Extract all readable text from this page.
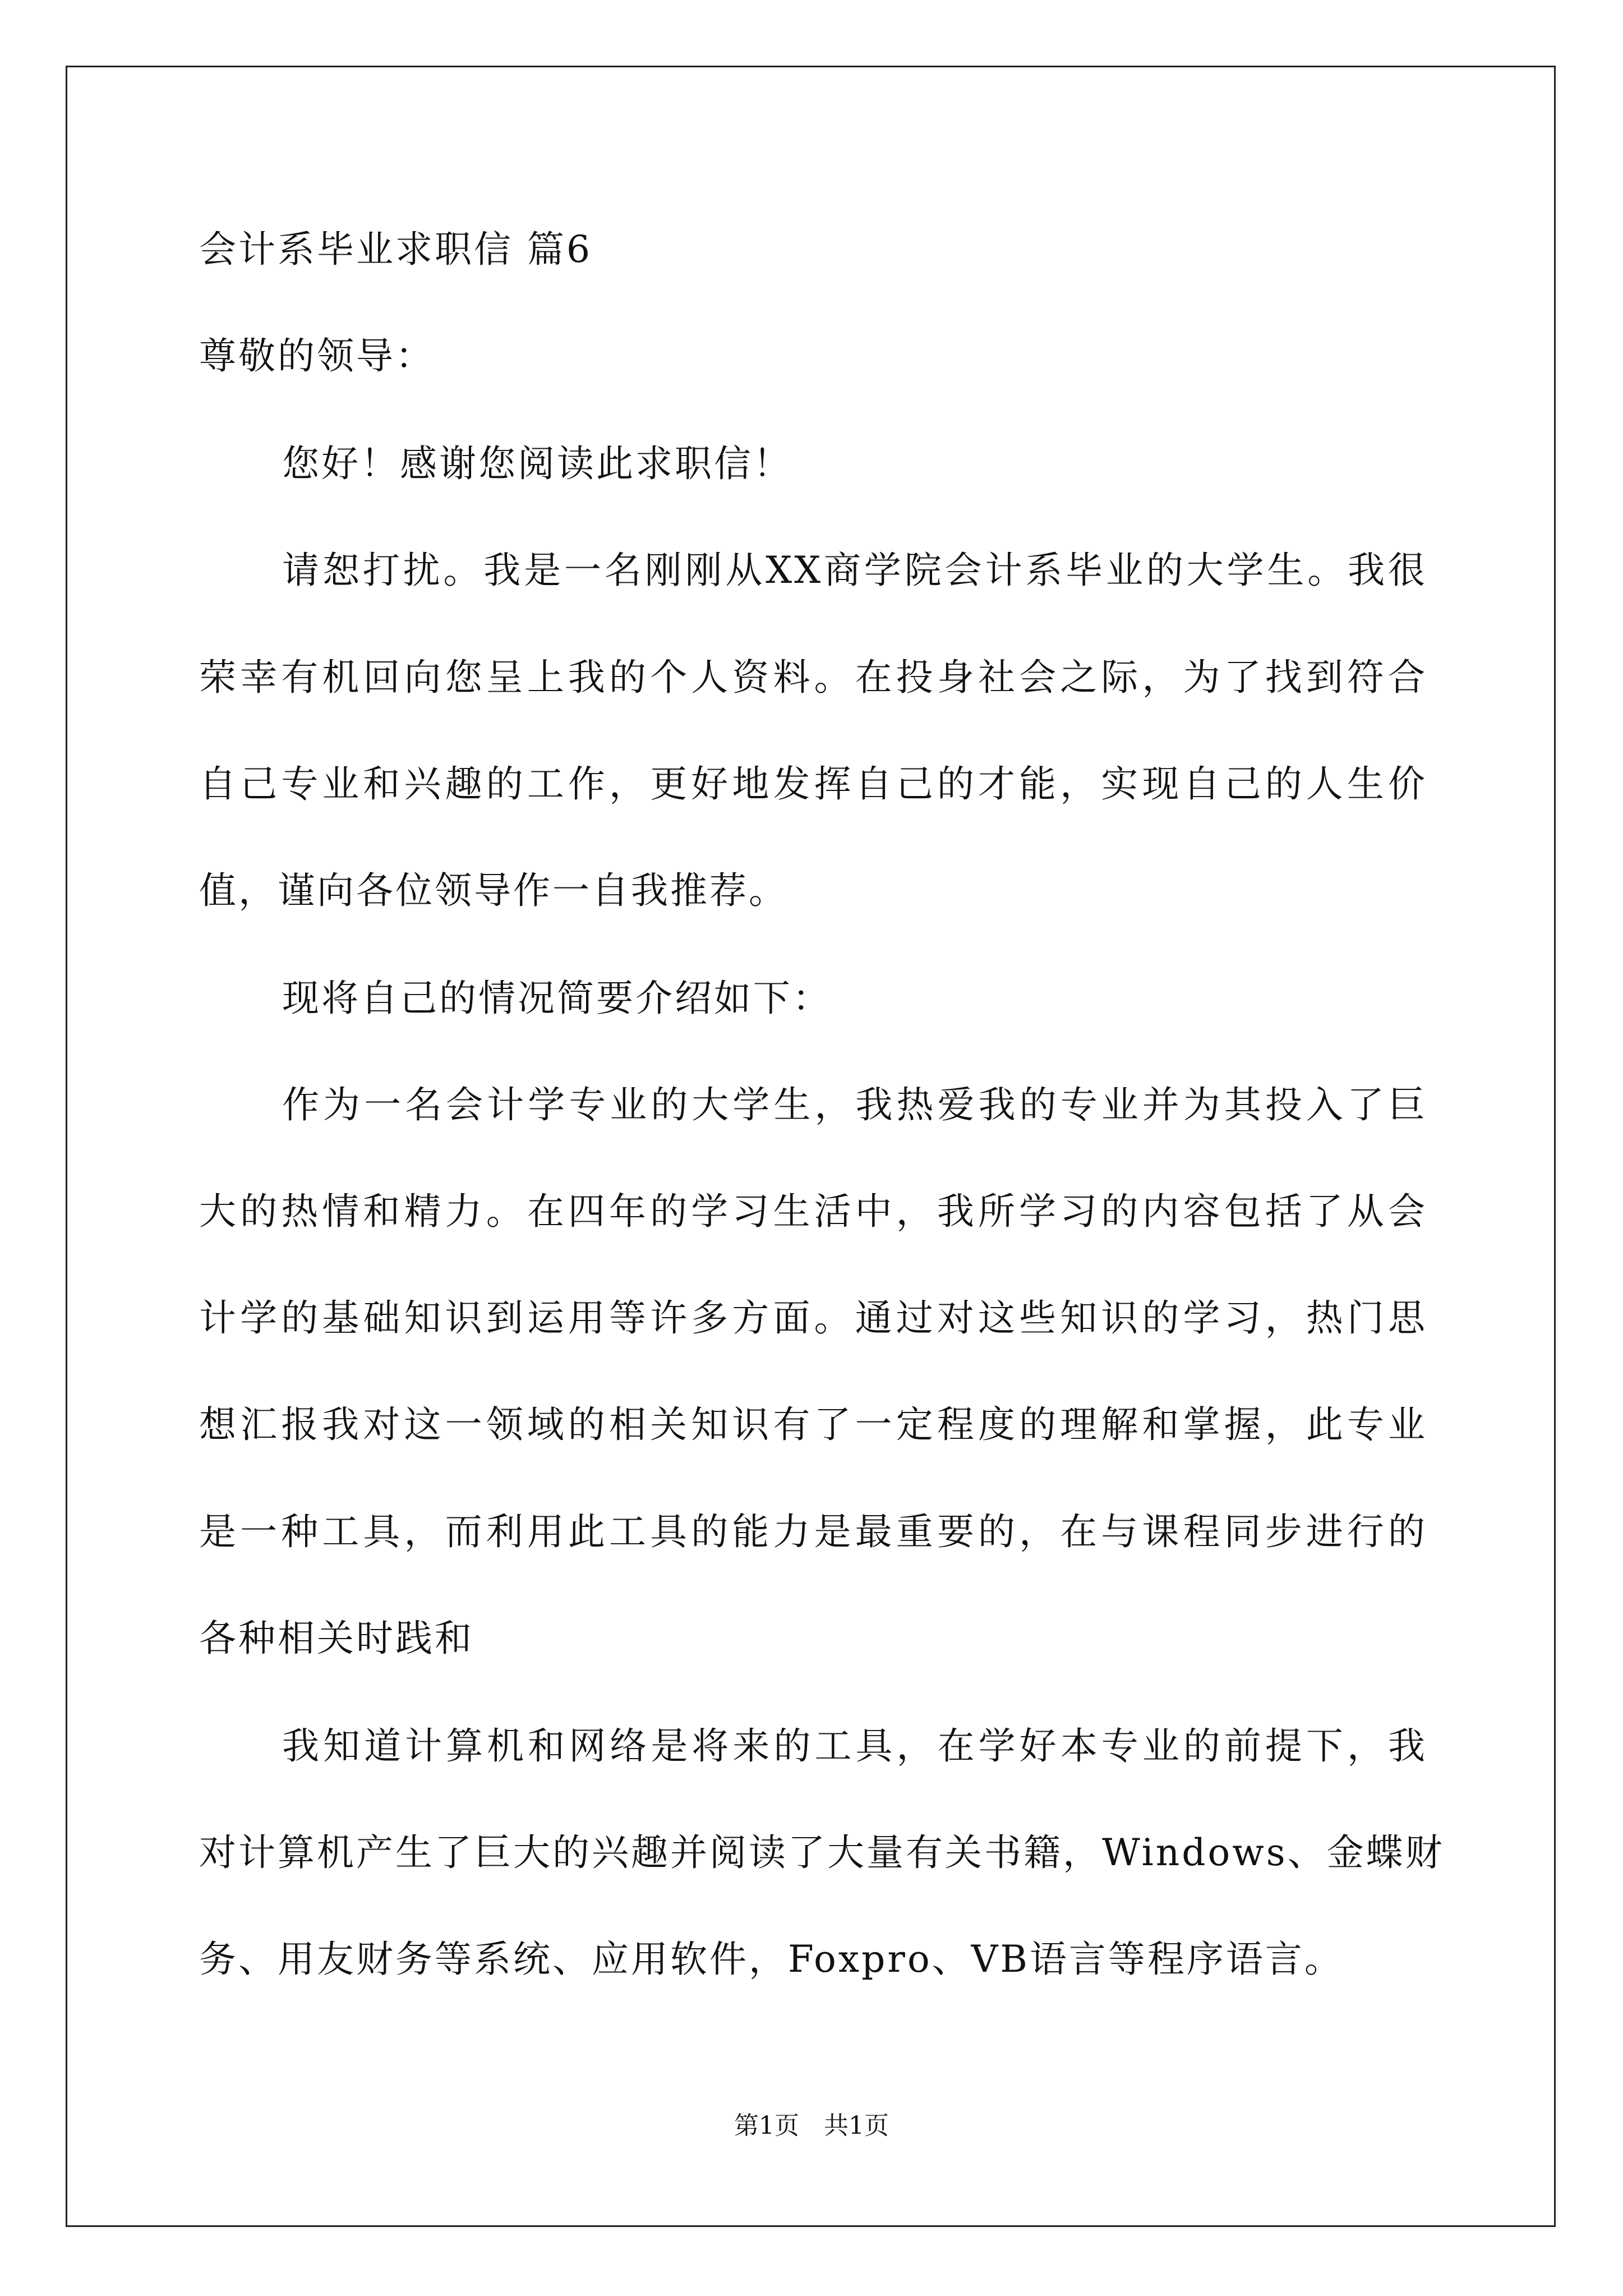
会计系毕业求职信 篇6
尊敬的领导：
您好！感谢您阅读此求职信！
请恕打扰。我是一名刚刚从XX商学院会计系毕业的大学生。我很
荣幸有机回向您呈上我的个人资料。在投身社会之际，为了找到符合
自己专业和兴趣的工作，更好地发挥自己的才能，实现自己的人生价
值，谨向各位领导作一自我推荐。
现将自己的情况简要介绍如下：
作为一名会计学专业的大学生，我热爱我的专业并为其投入了巨
大的热情和精力。在四年的学习生活中，我所学习的内容包括了从会
计学的基础知识到运用等许多方面。通过对这些知识的学习，热门思
想汇报我对这一领域的相关知识有了一定程度的理解和掌握，此专业
是一种工具，而利用此工具的能力是最重要的，在与课程同步进行的
各种相关时践和
我知道计算机和网络是将来的工具，在学好本专业的前提下，我
对计算机产生了巨大的兴趣并阅读了大量有关书籍，Windows、金蝶财
务、用友财务等系统、应用软件，Foxpro、VB语言等程序语言。
第1页 共1页
